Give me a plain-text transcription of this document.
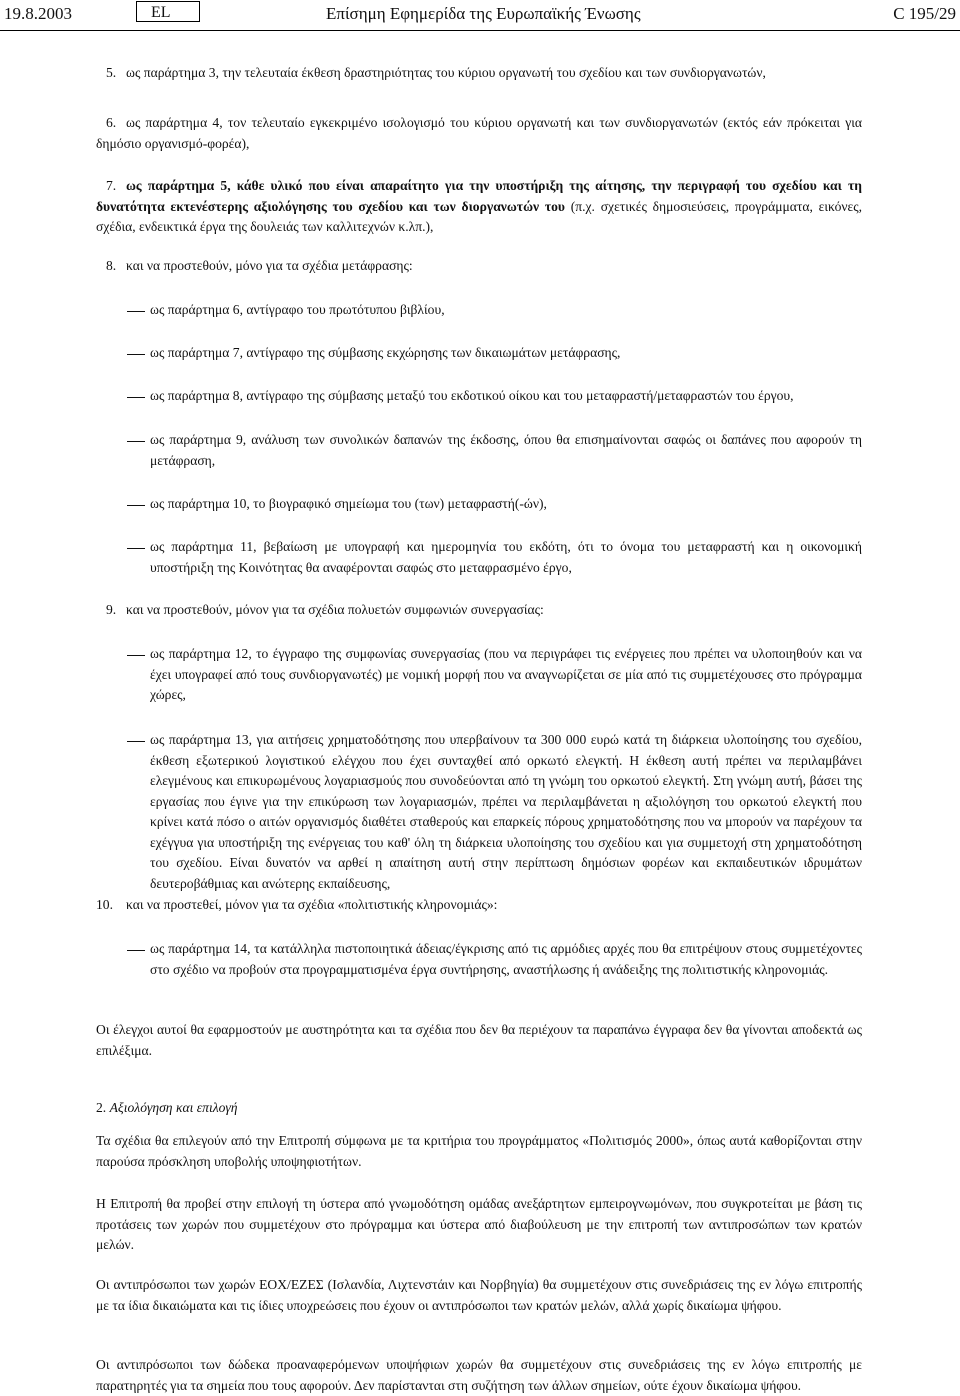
19.8.2003	EL	Επίσημη Εφημερίδα της Ευρωπαϊκής Ένωσης	C 195/29
5. ως παράρτημα 3, την τελευταία έκθεση δραστηριότητας του κύριου οργανωτή του σχεδίου και των συνδιοργανωτών,
6. ως παράρτημα 4, τον τελευταίο εγκεκριμένο ισολογισμό του κύριου οργανωτή και των συνδιοργανωτών (εκτός εάν πρόκειται για δημόσιο οργανισμό-φορέα),
7. ως παράρτημα 5, κάθε υλικό που είναι απαραίτητο για την υποστήριξη της αίτησης, την περιγραφή του σχεδίου και τη δυνατότητα εκτενέστερης αξιολόγησης του σχεδίου και των διοργανωτών του (π.χ. σχετικές δημοσιεύσεις, προγράμματα, εικόνες, σχέδια, ενδεικτικά έργα της δουλειάς των καλλιτεχνών κ.λπ.),
8. και να προστεθούν, μόνο για τα σχέδια μετάφρασης:
ως παράρτημα 6, αντίγραφο του πρωτότυπου βιβλίου,
ως παράρτημα 7, αντίγραφο της σύμβασης εκχώρησης των δικαιωμάτων μετάφρασης,
ως παράρτημα 8, αντίγραφο της σύμβασης μεταξύ του εκδοτικού οίκου και του μεταφραστή/μεταφραστών του έργου,
ως παράρτημα 9, ανάλυση των συνολικών δαπανών της έκδοσης, όπου θα επισημαίνονται σαφώς οι δαπάνες που αφορούν τη μετάφραση,
ως παράρτημα 10, το βιογραφικό σημείωμα του (των) μεταφραστή(-ών),
ως παράρτημα 11, βεβαίωση με υπογραφή και ημερομηνία του εκδότη, ότι το όνομα του μεταφραστή και η οικονομική υποστήριξη της Κοινότητας θα αναφέρονται σαφώς στο μεταφρασμένο έργο,
9. και να προστεθούν, μόνον για τα σχέδια πολυετών συμφωνιών συνεργασίας:
ως παράρτημα 12, το έγγραφο της συμφωνίας συνεργασίας (που να περιγράφει τις ενέργειες που πρέπει να υλοποιηθούν και να έχει υπογραφεί από τους συνδιοργανωτές) με νομική μορφή που να αναγνωρίζεται σε μία από τις συμμετέχουσες στο πρόγραμμα χώρες,
ως παράρτημα 13, για αιτήσεις χρηματοδότησης που υπερβαίνουν τα 300 000 ευρώ κατά τη διάρκεια υλοποίησης του σχεδίου, έκθεση εξωτερικού λογιστικού ελέγχου που έχει συνταχθεί από ορκωτό ελεγκτή. Η έκθεση αυτή πρέπει να περιλαμβάνει ελεγμένους και επικυρωμένους λογαριασμούς που συνοδεύονται από τη γνώμη του ορκωτού ελεγκτή. Στη γνώμη αυτή, βάσει της εργασίας που έγινε για την επικύρωση των λογαριασμών, πρέπει να περιλαμβάνεται η αξιολόγηση του ορκωτού ελεγκτή που κρίνει κατά πόσο ο αιτών οργανισμός διαθέτει σταθερούς και επαρκείς πόρους χρηματοδότησης που να μπορούν να παρέχουν τα εχέγγυα για υποστήριξη της ενέργειας του καθ' όλη τη διάρκεια υλοποίησης του σχεδίου και για συμμετοχή στη χρηματοδότηση του σχεδίου. Είναι δυνατόν να αρθεί η απαίτηση αυτή στην περίπτωση δημόσιων φορέων και εκπαιδευτικών ιδρυμάτων δευτεροβάθμιας και ανώτερης εκπαίδευσης,
10. και να προστεθεί, μόνον για τα σχέδια «πολιτιστικής κληρονομιάς»:
ως παράρτημα 14, τα κατάλληλα πιστοποιητικά άδειας/έγκρισης από τις αρμόδιες αρχές που θα επιτρέψουν στους συμμετέχοντες στο σχέδιο να προβούν στα προγραμματισμένα έργα συντήρησης, αναστήλωσης ή ανάδειξης της πολιτιστικής κληρονομιάς.
Οι έλεγχοι αυτοί θα εφαρμοστούν με αυστηρότητα και τα σχέδια που δεν θα περιέχουν τα παραπάνω έγγραφα δεν θα γίνονται αποδεκτά ως επιλέξιμα.
2. Αξιολόγηση και επιλογή
Τα σχέδια θα επιλεγούν από την Επιτροπή σύμφωνα με τα κριτήρια του προγράμματος «Πολιτισμός 2000», όπως αυτά καθορίζονται στην παρούσα πρόσκληση υποβολής υποψηφιοτήτων.
Η Επιτροπή θα προβεί στην επιλογή τη ύστερα από γνωμοδότηση ομάδας ανεξάρτητων εμπειρογνωμόνων, που συγκροτείται με βάση τις προτάσεις των χωρών που συμμετέχουν στο πρόγραμμα και ύστερα από διαβούλευση με την επιτροπή των αντιπροσώπων των κρατών μελών.
Οι αντιπρόσωποι των χωρών ΕΟΧ/ΕΖΕΣ (Ισλανδία, Λιχτενστάιν και Νορβηγία) θα συμμετέχουν στις συνεδριάσεις της εν λόγω επιτροπής με τα ίδια δικαιώματα και τις ίδιες υποχρεώσεις που έχουν οι αντιπρόσωποι των κρατών μελών, αλλά χωρίς δικαίωμα ψήφου.
Οι αντιπρόσωποι των δώδεκα προαναφερόμενων υποψήφιων χωρών θα συμμετέχουν στις συνεδριάσεις της εν λόγω επιτροπής με παρατηρητές για τα σημεία που τους αφορούν. Δεν παρίστανται στη συζήτηση των άλλων σημείων, ούτε έχουν δικαίωμα ψήφου.
